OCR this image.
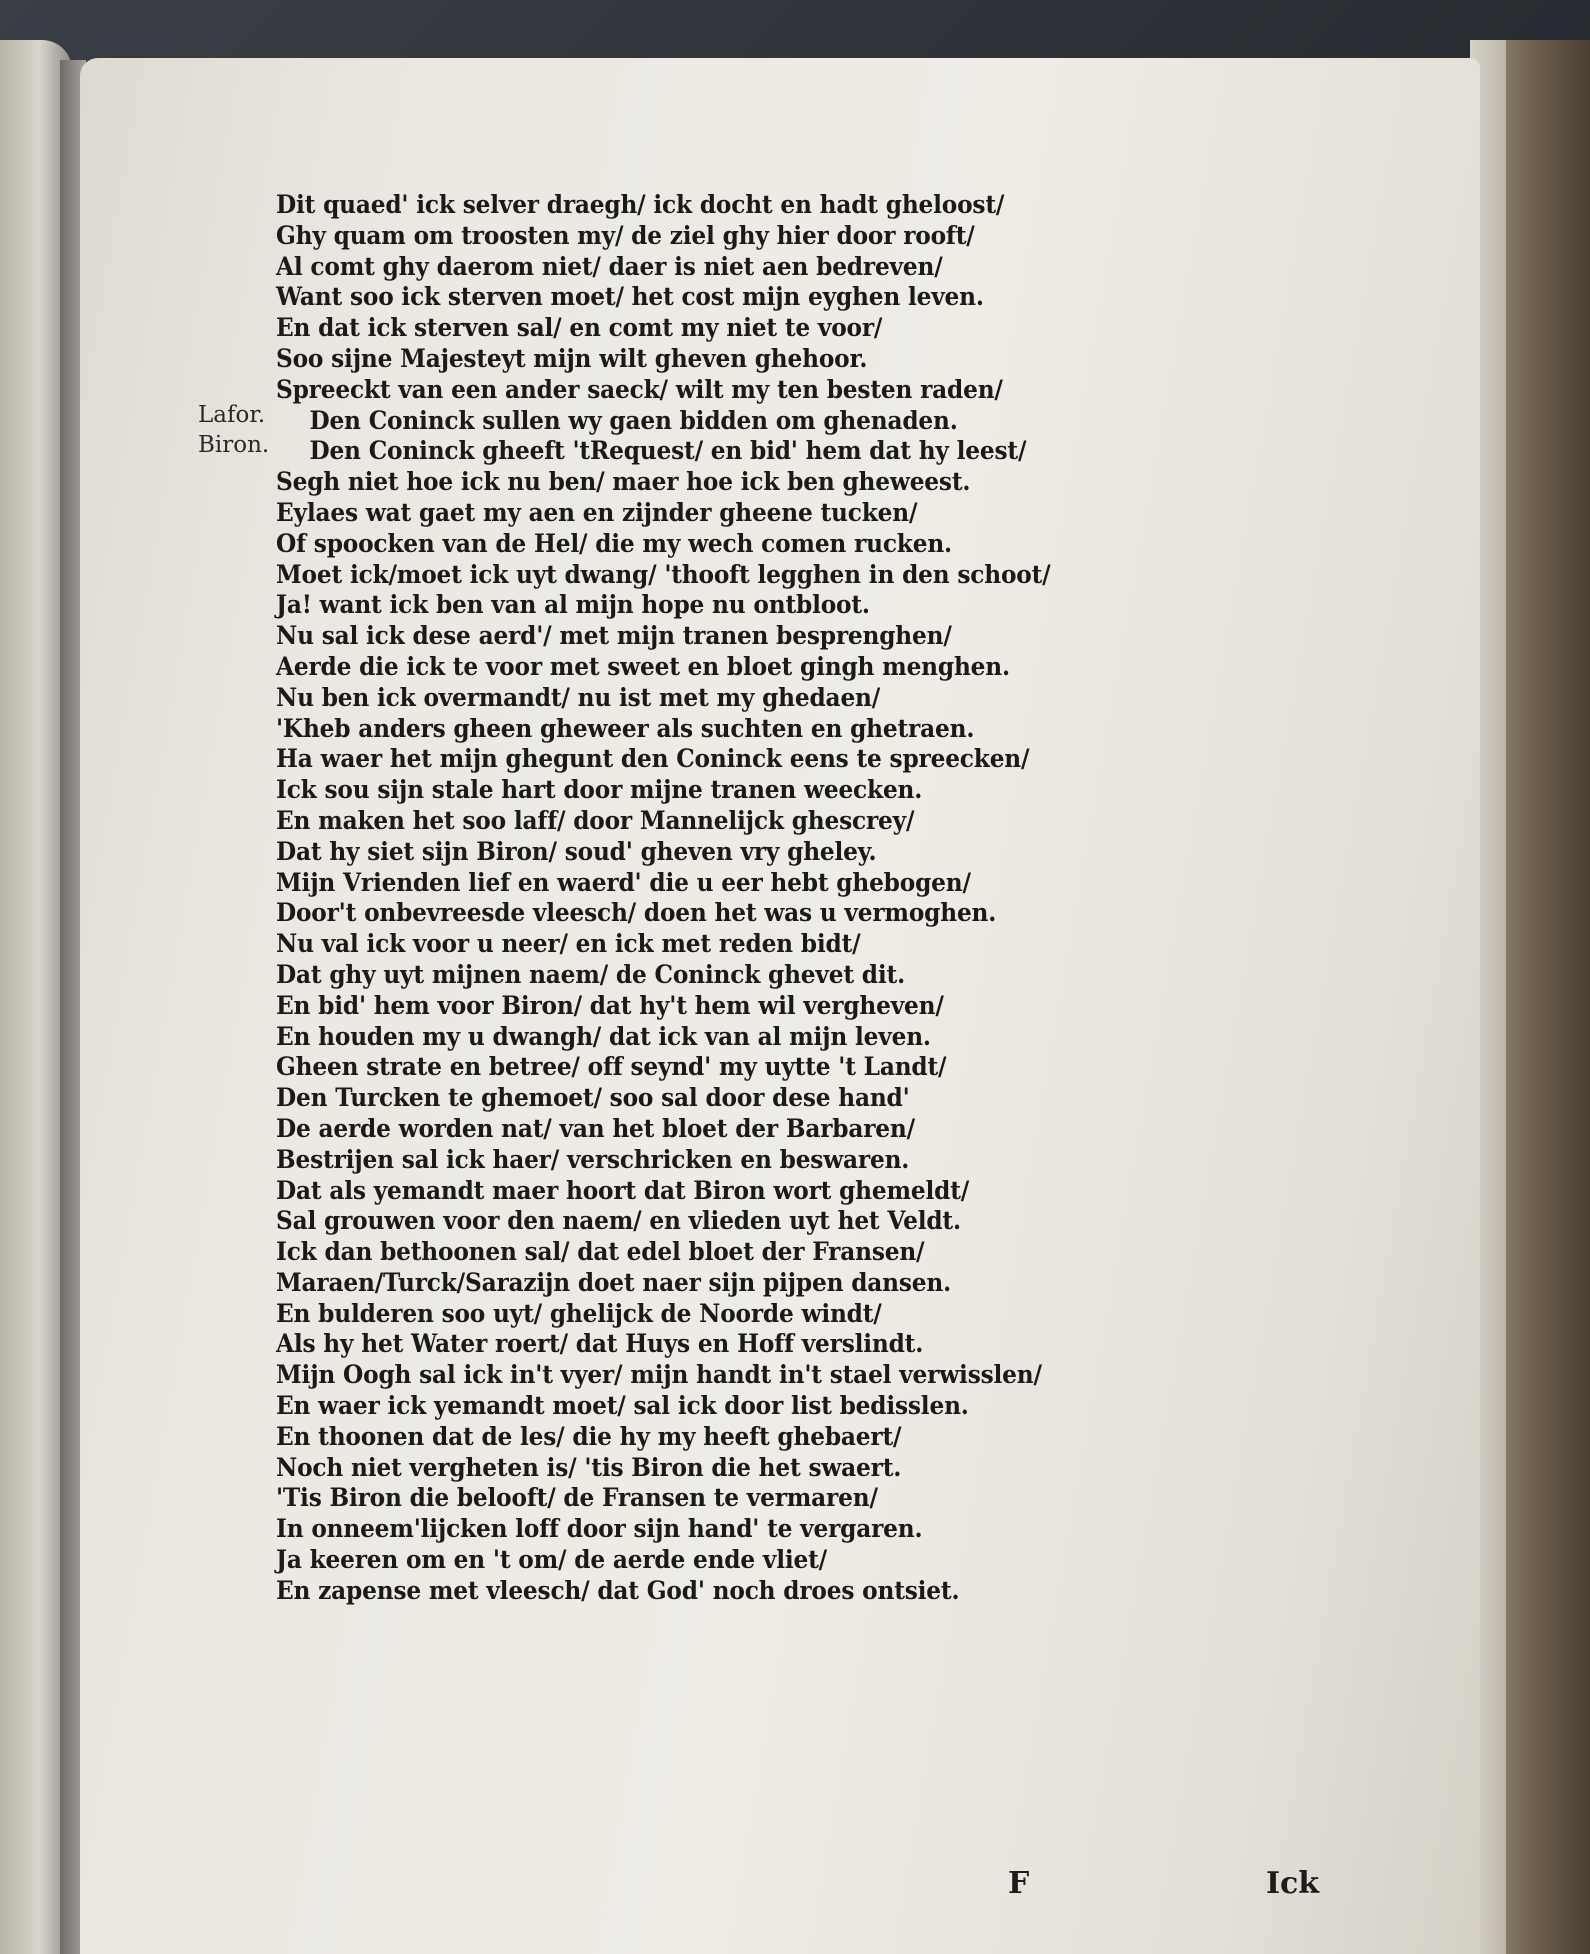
Dit quaed' ick selver draegh/ ick docht en hadt gheloost/
Ghy quam om troosten my/ de ziel ghy hier door rooft/
Al comt ghy daerom niet/ daer is niet aen bedreven/
Want soo ick sterven moet/ het cost mijn eyghen leven.
En dat ick sterven sal/ en comt my niet te voor/
Soo sijne Majesteyt mijn wilt gheven ghehoor.
Spreeckt van een ander saeck/ wilt my ten besten raden/
Den Coninck sullen wy gaen bidden om ghenaden.
Den Coninck gheeft 'tRequest/ en bid' hem dat hy leest/
Segh niet hoe ick nu ben/ maer hoe ick ben gheweest.
Eylaes wat gaet my aen en zijnder gheene tucken/
Of spoocken van de Hel/ die my wech comen rucken.
Moet ick/moet ick uyt dwang/ 'thooft legghen in den schoot/
Ja! want ick ben van al mijn hope nu ontbloot.
Nu sal ick dese aerd'/ met mijn tranen besprenghen/
Aerde die ick te voor met sweet en bloet gingh menghen.
Nu ben ick overmandt/ nu ist met my ghedaen/
'Kheb anders gheen gheweer als suchten en ghetraen.
Ha waer het mijn ghegunt den Coninck eens te spreecken/
Ick sou sijn stale hart door mijne tranen weecken.
En maken het soo laff/ door Mannelijck ghescrey/
Dat hy siet sijn Biron/ soud' gheven vry gheley.
Mijn Vrienden lief en waerd' die u eer hebt ghebogen/
Door't onbevreesde vleesch/ doen het was u vermoghen.
Nu val ick voor u neer/ en ick met reden bidt/
Dat ghy uyt mijnen naem/ de Coninck ghevet dit.
En bid' hem voor Biron/ dat hy't hem wil vergheven/
En houden my u dwangh/ dat ick van al mijn leven.
Gheen strate en betree/ off seynd' my uytte 't Landt/
Den Turcken te ghemoet/ soo sal door dese hand'
De aerde worden nat/ van het bloet der Barbaren/
Bestrijen sal ick haer/ verschricken en beswaren.
Dat als yemandt maer hoort dat Biron wort ghemeldt/
Sal grouwen voor den naem/ en vlieden uyt het Veldt.
Ick dan bethoonen sal/ dat edel bloet der Fransen/
Maraen/Turck/Sarazijn doet naer sijn pijpen dansen.
En bulderen soo uyt/ ghelijck de Noorde windt/
Als hy het Water roert/ dat Huys en Hoff verslindt.
Mijn Oogh sal ick in't vyer/ mijn handt in't stael verwisslen/
En waer ick yemandt moet/ sal ick door list bedisslen.
En thoonen dat de les/ die hy my heeft ghebaert/
Noch niet vergheten is/ 'tis Biron die het swaert.
'Tis Biron die belooft/ de Fransen te vermaren/
In onneem'lijcken loff door sijn hand' te vergaren.
Ja keeren om en 't om/ de aerde ende vliet/
En zapense met vleesch/ dat God' noch droes ontsiet.
Lafor.
Biron.
F	Ick
